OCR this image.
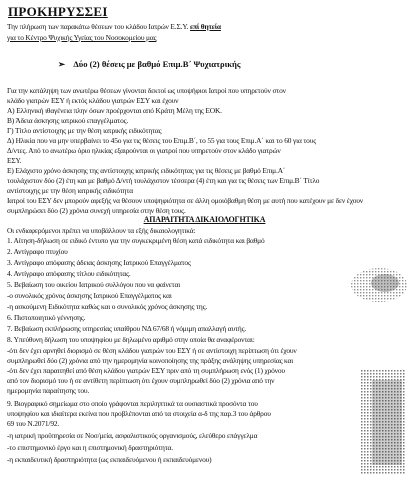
ΠΡΟΚΗΡΥΣΣΕΙ
Την πλήρωση των παρακάτω θέσεων του κλάδου Ιατρών Ε.Σ.Υ. επί θητεία
για το Κέντρο Ψυχικής Υγείας του Νοσοκομείου μας
➢ Δύο (2) θέσεις με βαθμό Επιμ.Β΄ Ψυχιατρικής
Για την κατάληψη των ανωτέρω θέσεων γίνονται δεκτοί ως υποψήφιοι Ιατροί που υπηρετούν στον
κλάδο γιατρών ΕΣΥ ή εκτός κλάδου γιατρών ΕΣΥ και έχουν
Α) Ελληνική ιθαγένεια πλην όσων προέρχονται από Κράτη Μέλη της ΕΟΚ.
Β) Άδεια άσκησης ιατρικού επαγγέλματος.
Γ) Τίτλο αντίστοιχης με την θέση ιατρικής ειδικότητας
Δ) Ηλικία που να μην υπερβαίνει το 45ο για τις θέσεις του Επιμ.Β΄, το 55 για τους Επιμ.Α΄ και το 60 για τους
Δ/ντες. Από το ανωτέρω όριο ηλικίας εξαιρούνται οι γιατροί που υπηρετούν στον κλάδο γιατρών
ΕΣΥ.
Ε) Ελάχιστο χρόνο άσκησης της αντίστοιχης ιατρικής ειδικότητας για τις θέσεις με βαθμό Επιμ.Α΄
τουλάχιστον δύο (2) έτη και με βαθμό Δ/ντή τουλάχιστον τέσσερα (4) έτη και για τις θέσεις των Επιμ.Β΄ Τίτλο
αντίστοιχης με την θέση ιατρικής ειδικότητα
Ιατροί του ΕΣΥ δεν μπορούν αφεξής να θέσουν υποψηφιότητα σε άλλη ομοιόβαθμη θέση με αυτή που κατέχουν με δεν έχουν
συμπληρώσει δύο (2) χρόνια συνεχή υπηρεσία στην θέση τους.
ΑΠΑΡΑΙΤΗΤΑ ΔΙΚΑΙΟΛΟΓΗΤΙΚΑ
Οι ενδιαφερόμενοι πρέπει να υποβάλλουν τα εξής δικαιολογητικά:
1. Αίτηση-δήλωση σε ειδικό έντυπο για την συγκεκριμένη θέση κατά ειδικότητα και βαθμό
2. Αντίγραφο πτυχίου
3. Αντίγραφο απόφασης άδειας άσκησης Ιατρικού Επαγγέλματος
4. Αντίγραφο απόφασης τίτλου ειδικότητας.
5. Βεβαίωση του οικείου Ιατρικού συλλόγου που να φαίνεται
-ο συνολικός χρόνος άσκησης Ιατρικού Επαγγέλματος και
-η ασκούμενη Ειδικότητα καθώς και ο συνολικός χρόνος άσκησης της.
6. Πιστοποιητικό γέννησης.
7. Βεβαίωση εκπλήρωσης υπηρεσίας υπαίθρου ΝΔ 67/68 ή νόμιμη απαλλαγή αυτής.
8. Υπεύθυνη δήλωση του υποψηφίου με δηλωμένο αριθμό στην οποία θα αναφέρονται:
-ότι δεν έχει αρνηθεί διορισμό σε θέση κλάδου γιατρών του ΕΣΥ ή σε αντίστοιχη περίπτωση ότι έχουν
συμπληρωθεί δύο (2) χρόνια από την ημερομηνία κοινοποίησης της πράξης ανάληψης υπηρεσίας και
-ότι δεν έχει παραιτηθεί από θέση κλάδου γιατρών ΕΣΥ πριν από τη συμπλήρωση ενός (1) χρόνου
από τον διορισμό του ή σε αντίθετη περίπτωση ότι έχουν συμπληρωθεί δύο (2) χρόνια από την
ημερομηνία παραίτησης του.
9. Βιογραφικό σημείωμα στο οποίο γράφονται περιληπτικά τα ουσιαστικά προσόντα του
υποψηφίου και ιδιαίτερα εκείνα που προβλέπονται από τα στοιχεία α-δ της παρ.3 του άρθρου
69 του Ν.2071/92.
-η ιατρική προϋπηρεσία σε Νοσ/μεία, ασφαλιστικούς οργανισμούς, ελεύθερο επάγγελμα
-το επιστημονικό έργο και η επιστημονική δραστηριότητα.
-η εκπαιδευτική δραστηριότητα (ως εκπαιδευόμενου ή εκπαιδευόμενου)
